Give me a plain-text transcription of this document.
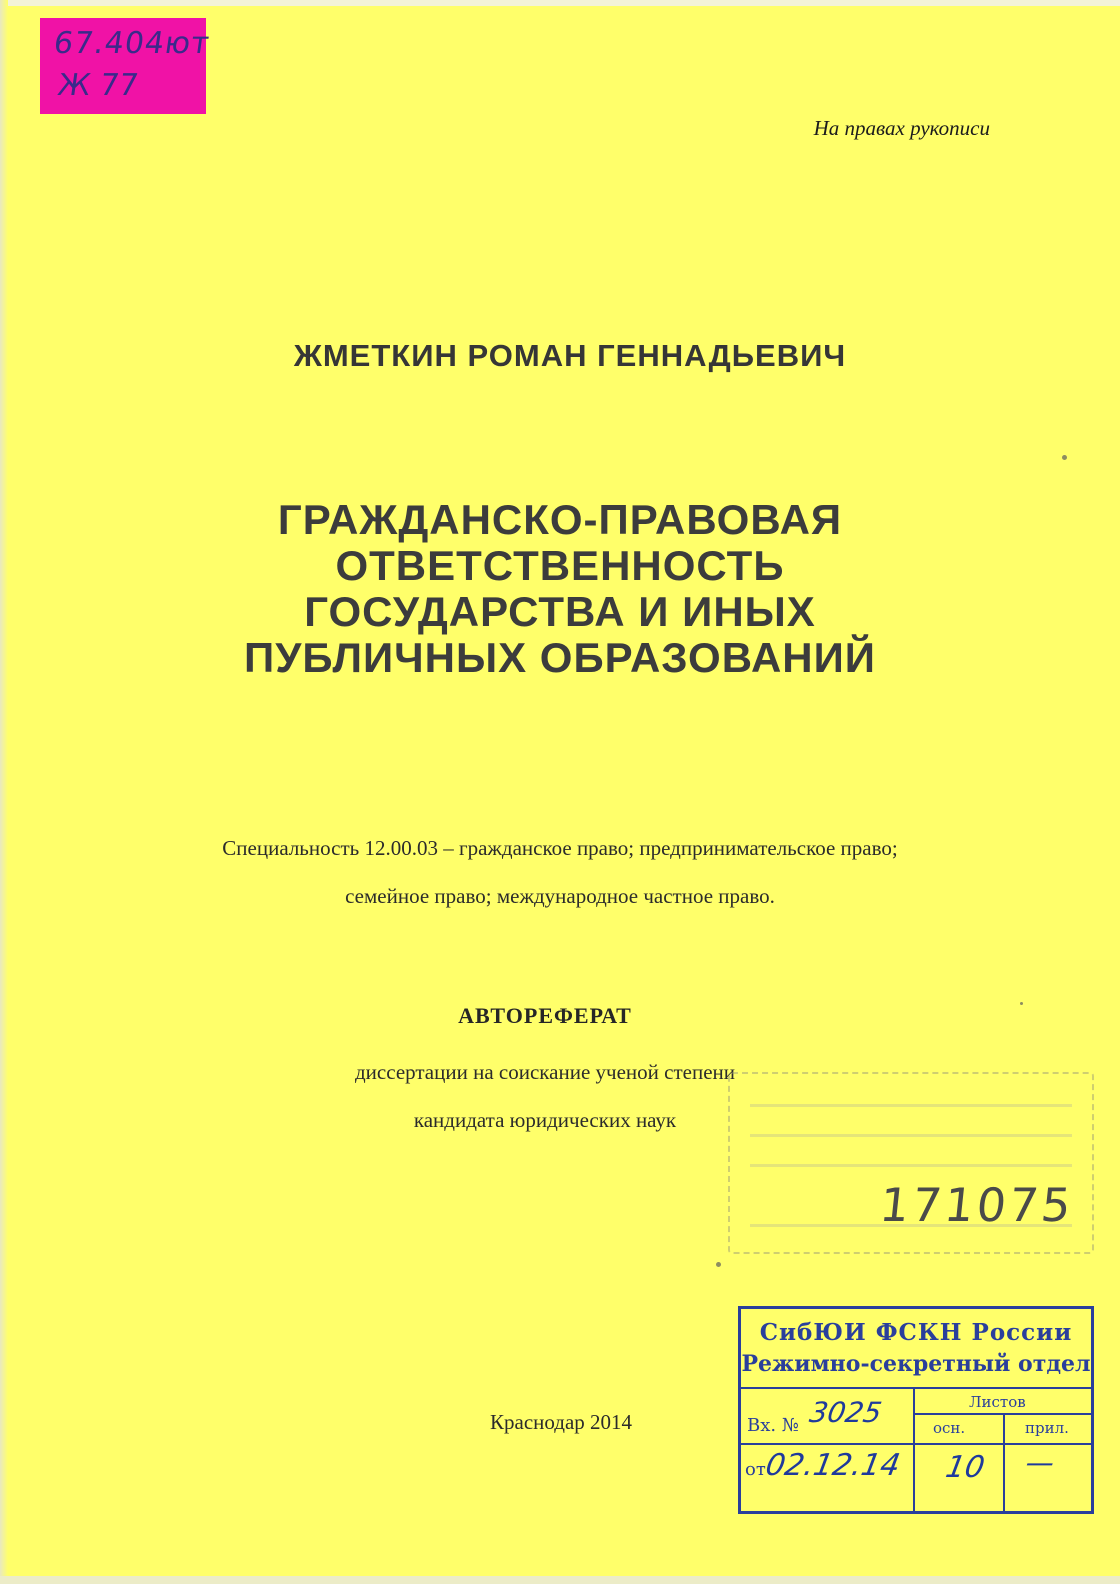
67.404ют
Ж 77
На правах рукописи
ЖМЕТКИН РОМАН ГЕННАДЬЕВИЧ
ГРАЖДАНСКО-ПРАВОВАЯ
ОТВЕТСТВЕННОСТЬ
ГОСУДАРСТВА И ИНЫХ
ПУБЛИЧНЫХ ОБРАЗОВАНИЙ
Специальность 12.00.03 – гражданское право; предпринимательское право;
семейное право; международное частное право.
АВТОРЕФЕРАТ
диссертации на соискание ученой степени
кандидата юридических наук
171075
Краснодар 2014
СибЮИ ФСКН России
Режимно-секретный отдел
Листов
осн.	прил.
Вх. №
от
3025
02.12.14 10 —
